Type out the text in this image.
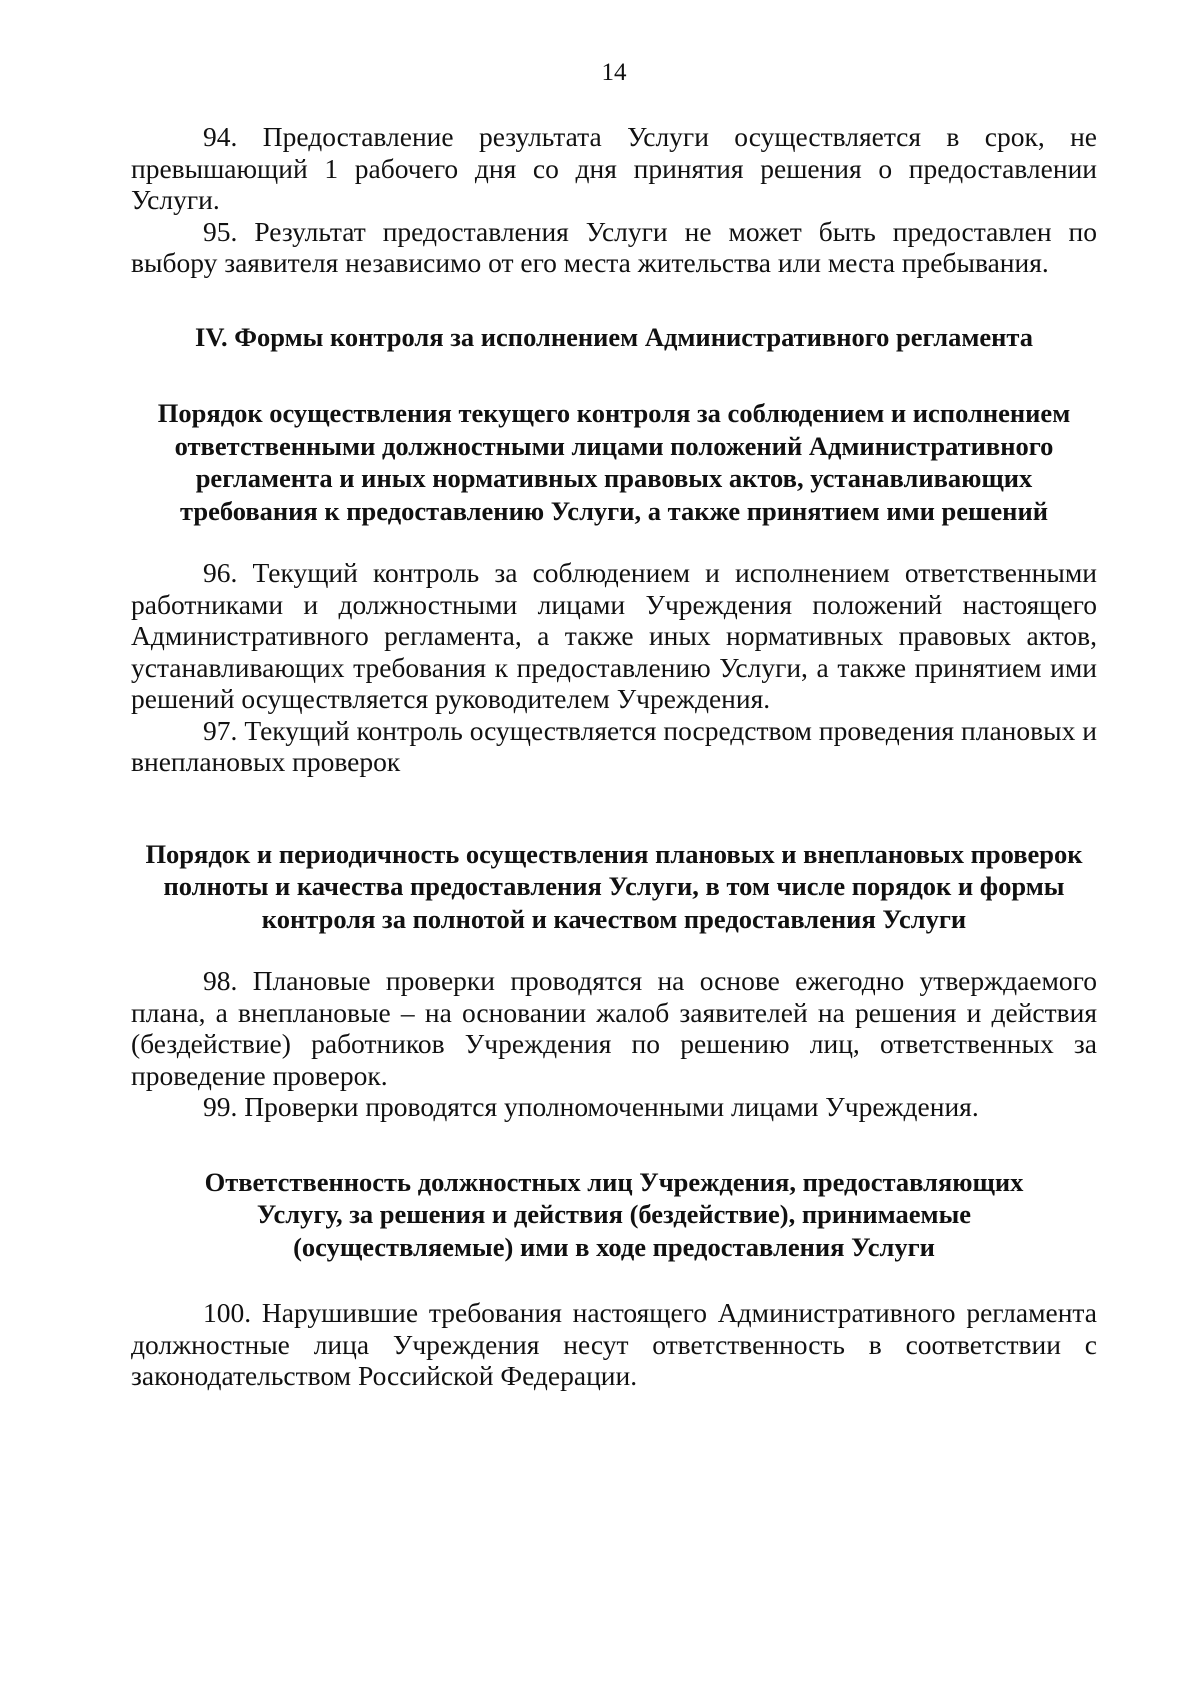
14

94. Предоставление результата Услуги осуществляется в срок, не превышающий 1 рабочего дня со дня принятия решения о предоставлении Услуги.

95. Результат предоставления Услуги не может быть предоставлен по выбору заявителя независимо от его места жительства или места пребывания.

IV. Формы контроля за исполнением Административного регламента
Порядок осуществления текущего контроля за соблюдением и исполнением ответственными должностными лицами положений Административного регламента и иных нормативных правовых актов, устанавливающих требования к предоставлению Услуги, а также принятием ими решений

96. Текущий контроль за соблюдением и исполнением ответственными работниками и должностными лицами Учреждения положений настоящего Административного регламента, а также иных нормативных правовых актов, устанавливающих требования к предоставлению Услуги, а также принятием ими решений осуществляется руководителем Учреждения.

97. Текущий контроль осуществляется посредством проведения плановых и внеплановых проверок

Порядок и периодичность осуществления плановых и внеплановых проверок полноты и качества предоставления Услуги, в том числе порядок и формы контроля за полнотой и качеством предоставления Услуги

98. Плановые проверки проводятся на основе ежегодно утверждаемого плана, а внеплановые – на основании жалоб заявителей на решения и действия (бездействие) работников Учреждения по решению лиц, ответственных за проведение проверок.

99. Проверки проводятся уполномоченными лицами Учреждения.

Ответственность должностных лиц Учреждения, предоставляющих Услугу, за решения и действия (бездействие), принимаемые (осуществляемые) ими в ходе предоставления Услуги

100. Нарушившие требования настоящего Административного регламента должностные лица Учреждения несут ответственность в соответствии с законодательством Российской Федерации.
